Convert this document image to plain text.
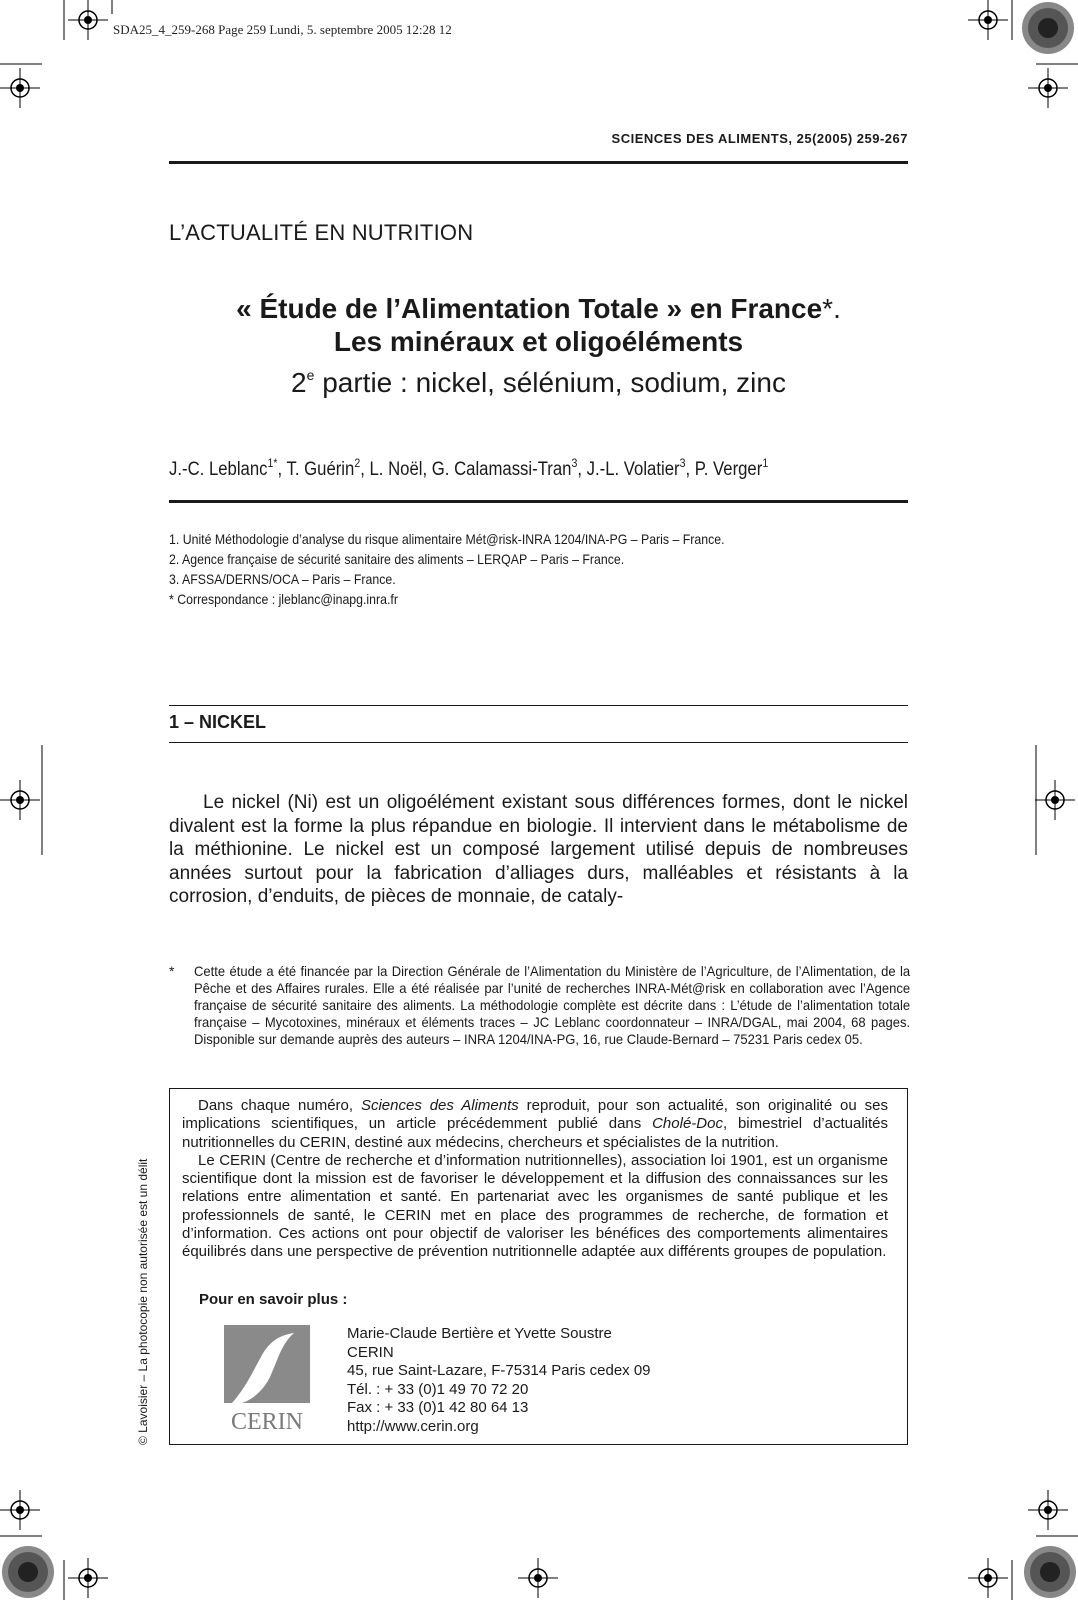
SDA25_4_259-268 Page 259 Lundi, 5. septembre 2005 12:28 12
SCIENCES DES ALIMENTS, 25(2005) 259-267
L’ACTUALITÉ EN NUTRITION
« Étude de l’Alimentation Totale » en France*.
Les minéraux et oligoéléments
2e partie : nickel, sélénium, sodium, zinc
J.-C. Leblanc$^{1*}$, T. Guérin$^2$, L. Noël, G. Calamassi-Tran$^3$, J.-L. Volatier$^3$, P. Verger$^1$
1. Unité Méthodologie d’analyse du risque alimentaire Mét@risk-INRA 1204/INA-PG – Paris – France.
2. Agence française de sécurité sanitaire des aliments – LERQAP – Paris – France.
3. AFSSA/DERNS/OCA – Paris – France.
* Correspondance : jleblanc@inapg.inra.fr
1 – NICKEL

Le nickel (Ni) est un oligoélément existant sous différences formes, dont le nickel divalent est la forme la plus répandue en biologie. Il intervient dans le métabolisme de la méthionine. Le nickel est un composé largement utilisé depuis de nombreuses années surtout pour la fabrication d’alliages durs, malléables et résistants à la corrosion, d’enduits, de pièces de monnaie, de cataly-

* Cette étude a été financée par la Direction Générale de l’Alimentation du Ministère de l’Agriculture, de l’Alimentation, de la Pêche et des Affaires rurales. Elle a été réalisée par l’unité de recherches INRA-Mét@risk en collaboration avec l’Agence française de sécurité sanitaire des aliments. La méthodologie complète est décrite dans : L’étude de l’alimentation totale française – Mycotoxines, minéraux et éléments traces – JC Leblanc coordonnateur – INRA/DGAL, mai 2004, 68 pages. Disponible sur demande auprès des auteurs – INRA 1204/INA-PG, 16, rue Claude-Bernard – 75231 Paris cedex 05.

Dans chaque numéro, Sciences des Aliments reproduit, pour son actualité, son originalité ou ses implications scientifiques, un article précédemment publié dans Cholé-Doc, bimestriel d’actualités nutritionnelles du CERIN, destiné aux médecins, chercheurs et spécialistes de la nutrition.

Le CERIN (Centre de recherche et d’information nutritionnelles), association loi 1901, est un organisme scientifique dont la mission est de favoriser le développement et la diffusion des connaissances sur les relations entre alimentation et santé. En partenariat avec les organismes de santé publique et les professionnels de santé, le CERIN met en place des programmes de recherche, de formation et d’information. Ces actions ont pour objectif de valoriser les bénéfices des comportements alimentaires équilibrés dans une perspective de prévention nutritionnelle adaptée aux différents groupes de population.

Pour en savoir plus :
CERIN
Marie-Claude Bertière et Yvette Soustre
CERIN
45, rue Saint-Lazare, F-75314 Paris cedex 09
Tél. : + 33 (0)1 49 70 72 20
Fax : + 33 (0)1 42 80 64 13
http://www.cerin.org
© Lavoisier – La photocopie non autorisée est un délit
